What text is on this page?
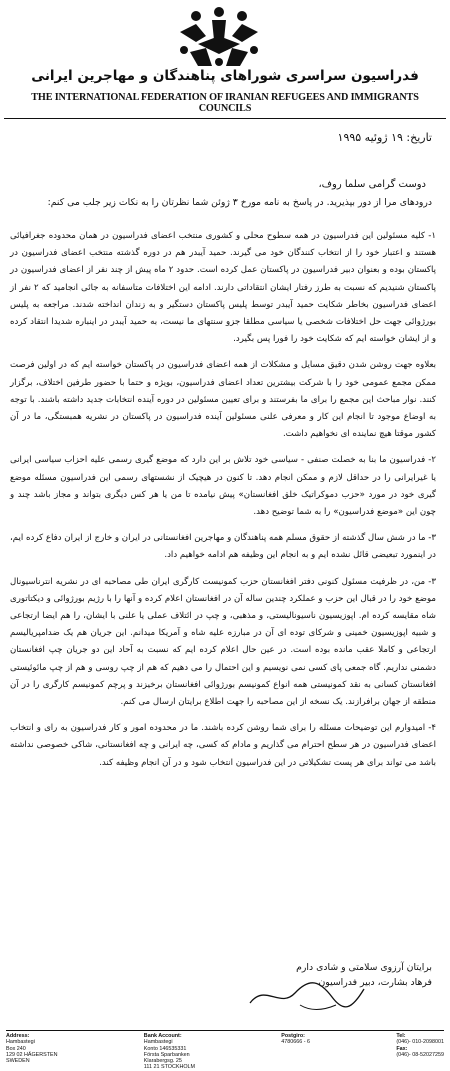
فدراسیون سراسری شوراهای پناهندگان و مهاجرین ایرانی
THE INTERNATIONAL FEDERATION OF IRANIAN REFUGEES AND IMMIGRANTS COUNCILS
تاریخ: ۱۹ ژوئیه ۱۹۹۵
دوست گرامی سلما روف،
درودهای مرا از دور بپذیرید. در پاسخ به نامه مورخ ۳ ژوئن شما نظرتان را به نکات زیر جلب می کنم:

۱- کلیه مسئولین این فدراسیون در همه سطوح محلی و کشوری منتخب اعضای فدراسیون در همان محدوده جغرافیائی هستند و اعتبار خود را از انتخاب کنندگان خود می گیرند. حمید آیبدر هم در دوره گذشته منتخب اعضای فدراسیون در پاکستان بوده و بعنوان دبیر فدراسیون در پاکستان عمل کرده است. حدود ۲ ماه پیش از چند نفر از اعضای فدراسیون در پاکستان شنیدیم که نسبت به طرز رفتار ایشان انتقاداتی دارند. ادامه این اختلافات متاسفانه به جائی انجامید که ۲ نفر از اعضای فدراسیون بخاطر شکایت حمید آیبدر توسط پلیس پاکستان دستگیر و به زندان انداخته شدند. مراجعه به پلیس بورژوائی جهت حل اختلافات شخصی یا سیاسی مطلقا جزو سنتهای ما نیست، به حمید آیبدر در اینباره شدیدا انتقاد کرده و از ایشان خواسته ایم که شکایت خود را فورا پس بگیرد.

بعلاوه جهت روشن شدن دقیق مسایل و مشکلات از همه اعضای فدراسیون در پاکستان خواسته ایم که در اولین فرصت ممکن مجمع عمومی خود را با شرکت بیشترین تعداد اعضای فدراسیون، بویژه و حتما با حضور طرفین اختلاف، برگزار کنند. نوار مباحث این مجمع را برای ما بفرستند و برای تعیین مسئولین در دوره آینده انتخابات جدید داشته باشند. با توجه به اوضاع موجود تا انجام این کار و معرفی علنی مسئولین آینده فدراسیون در پاکستان در نشریه همبستگی، ما در آن کشور موقتا هیچ نماینده ای نخواهیم داشت.

۲- فدراسیون ما بنا به خصلت صنفی - سیاسی خود تلاش بر این دارد که موضع گیری رسمی علیه احزاب سیاسی ایرانی یا غیرایرانی را در حداقل لازم و ممکن انجام دهد. تا کنون در هیچیک از نشستهای رسمی این فدراسیون مسئله موضع گیری خود در مورد «حزب دموکراتیک خلق افغانستان» پیش نیامده تا من یا هر کس دیگری بتواند و مجاز باشد چند و چون این «موضع فدراسیون» را به شما توضیح دهد.

۳- ما در شش سال گذشته از حقوق مسلم همه پناهندگان و مهاجرین افغانستانی در ایران و خارج از ایران دفاع کرده ایم، در اینمورد تبعیضی قائل نشده ایم و به انجام این وظیفه هم ادامه خواهیم داد.

۳- من، در ظرفیت مسئول کنونی دفتر افغانستان حزب کمونیست کارگری ایران طی مصاحبه ای در نشریه انترناسیونال موضع خود را در قبال این حزب و عملکرد چندین ساله آن در افغانستان اعلام کرده و آنها را با رژیم بورژوائی و دیکتاتوری شاه مقایسه کرده ام. اپوزیسیون ناسیونالیستی، و مذهبی، و چپ در ائتلاف عملی یا علنی با ایشان، را هم ایضا ارتجاعی و شبیه اپوزیسیون خمینی و شرکای توده ای آن در مبارزه علیه شاه و آمریکا میدانم. این جریان هم یک ضدامپریالیسم ارتجاعی و کاملا عقب مانده بوده است. در عین حال اعلام کرده ایم که نسبت به آحاد این دو جریان چپ افغانستان دشمنی نداریم. گاه جمعی پای کسی نمی نویسیم و این احتمال را می دهیم که هم از چپ روسی و هم از چپ مائوئیستی افغانستان کسانی به نقد کمونیستی همه انواع کمونیسم بورژوائی افغانستان برخیزند و پرچم کمونیسم کارگری را در آن منطقه از جهان برافرازند. یک نسخه از این مصاحبه را جهت اطلاع برایتان ارسال می کنم.

۴- امیدوارم این توضیحات مسئله را برای شما روشن کرده باشند. ما در محدوده امور و کار فدراسیون به رای و انتخاب اعضای فدراسیون در هر سطح احترام می گذاریم و مادام که کسی، چه ایرانی و چه افغانستانی، شاکی خصوصی نداشته باشد می تواند برای هر پست تشکیلاتی در این فدراسیون انتخاب شود و در آن انجام وظیفه کند.

برایتان آرزوی سلامتی و شادی دارم
فرهاد بشارت، دبیر فدراسیون
Address:
Hambastegi
Box 240
129 02 HÄGERSTEN
SWEDEN
Bank Account:
Hambastegi
Konto 146535331
Första Sparbanken
Klarabergsg. 25
111 21 STOCKHOLM
Postgiro:
4780666 - 6
Tel:
(046)- 010-2098001
Fax:
(046)- 08-52027259
